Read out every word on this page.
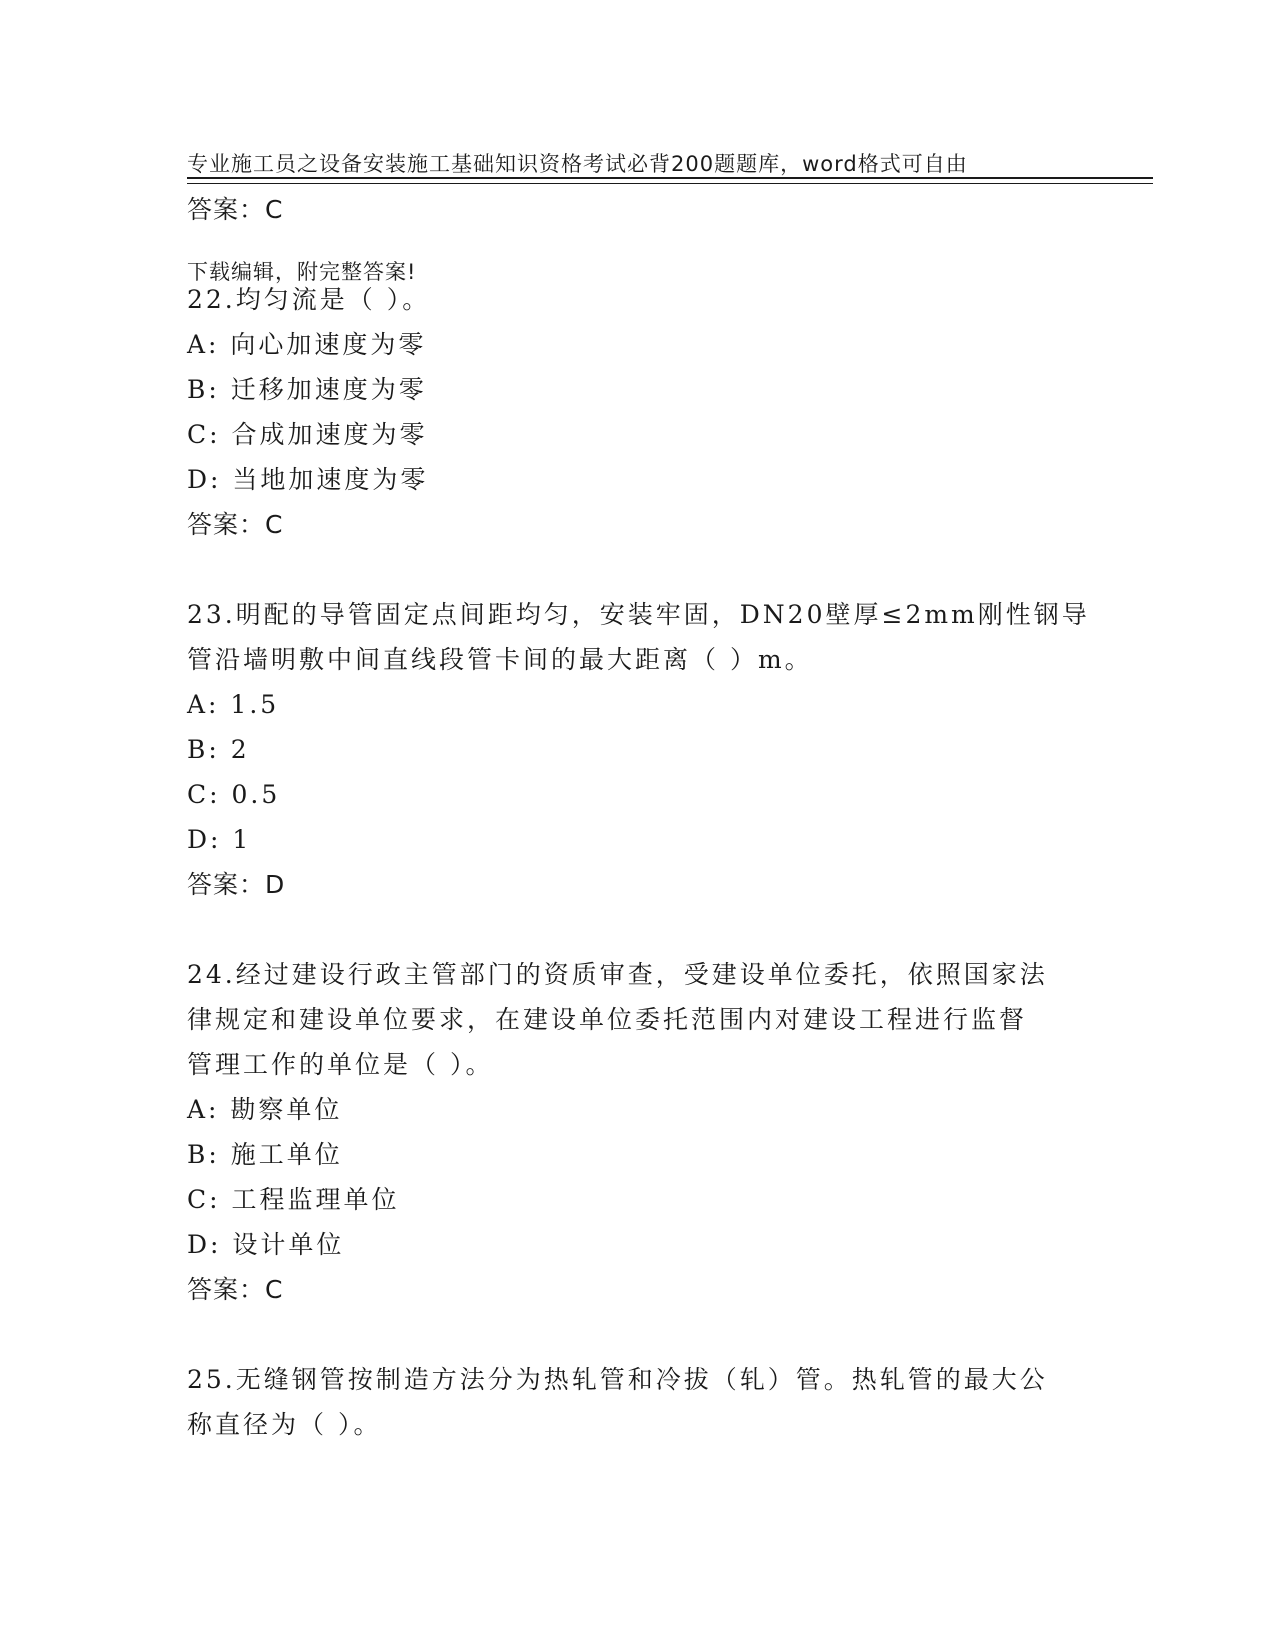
专业施工员之设备安装施工基础知识资格考试必背200题题库，word格式可自由

下载编辑，附完整答案!

答案：C
22.均匀流是（ ）。
A: 向心加速度为零
B: 迁移加速度为零
C: 合成加速度为零
D: 当地加速度为零
答案：C
23.明配的导管固定点间距均匀，安装牢固，DN20壁厚≤2mm刚性钢导
管沿墙明敷中间直线段管卡间的最大距离（ ）m。
A: 1.5
B: 2
C: 0.5
D: 1
答案：D
24.经过建设行政主管部门的资质审查，受建设单位委托，依照国家法
律规定和建设单位要求，在建设单位委托范围内对建设工程进行监督
管理工作的单位是（ ）。
A: 勘察单位
B: 施工单位
C: 工程监理单位
D: 设计单位
答案：C
25.无缝钢管按制造方法分为热轧管和冷拔（轧）管。热轧管的最大公
称直径为（ ）。
